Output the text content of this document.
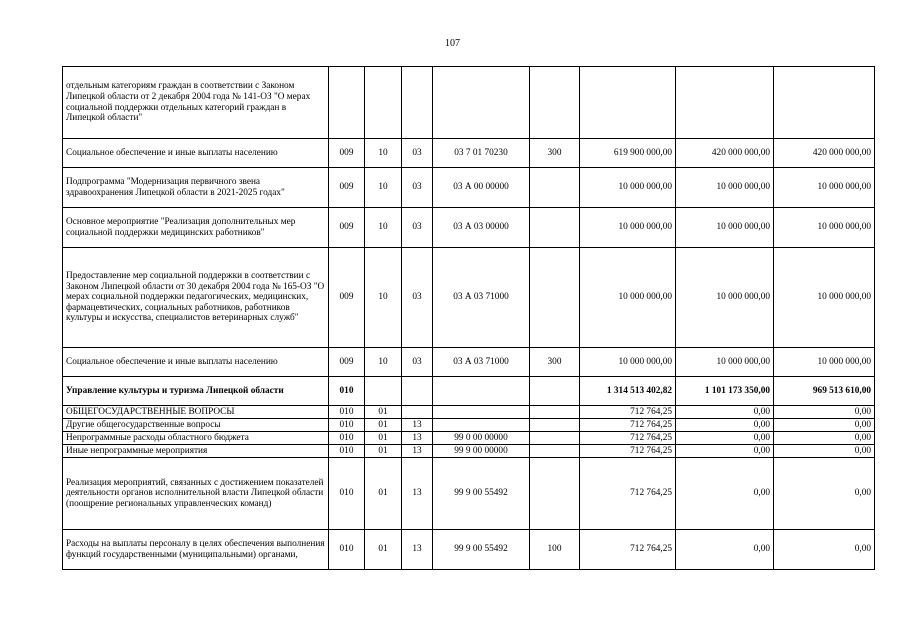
107
отдельным категориям граждан в соответствии с Законом Липецкой области от 2 декабря 2004 года № 141-ОЗ "О мерах социальной поддержки отдельных категорий граждан в Липецкой области"								
Социальное обеспечение и иные выплаты населению	009	10	03	03 7 01 70230	300	619 900 000,00	420 000 000,00	420 000 000,00
Подпрограмма "Модернизация первичного звена здравоохранения Липецкой области в 2021-2025 годах"	009	10	03	03 А 00 00000		10 000 000,00	10 000 000,00	10 000 000,00
Основное мероприятие "Реализация дополнительных мер социальной поддержки медицинских работников"	009	10	03	03 А 03 00000		10 000 000,00	10 000 000,00	10 000 000,00
Предоставление мер социальной поддержки в соответствии с Законом Липецкой области от 30 декабря 2004 года № 165-ОЗ "О мерах социальной поддержки педагогических, медицинских, фармацевтических, социальных работников, работников культуры и искусства, специалистов ветеринарных служб"	009	10	03	03 А 03 71000		10 000 000,00	10 000 000,00	10 000 000,00
Социальное обеспечение и иные выплаты населению	009	10	03	03 А 03 71000	300	10 000 000,00	10 000 000,00	10 000 000,00
Управление культуры и туризма Липецкой области	010					1 314 513 402,82	1 101 173 350,00	969 513 610,00
ОБЩЕГОСУДАРСТВЕННЫЕ ВОПРОСЫ	010	01				712 764,25	0,00	0,00
Другие общегосударственные вопросы	010	01	13			712 764,25	0,00	0,00
Непрограммные расходы областного бюджета	010	01	13	99 0 00 00000		712 764,25	0,00	0,00
Иные непрограммные мероприятия	010	01	13	99 9 00 00000		712 764,25	0,00	0,00
Реализация мероприятий, связанных с достижением показателей деятельности органов исполнительной власти Липецкой области (поощрение региональных управленческих команд)	010	01	13	99 9 00 55492		712 764,25	0,00	0,00
Расходы на выплаты персоналу в целях обеспечения выполнения функций государственными (муниципальными) органами,	010	01	13	99 9 00 55492	100	712 764,25	0,00	0,00
